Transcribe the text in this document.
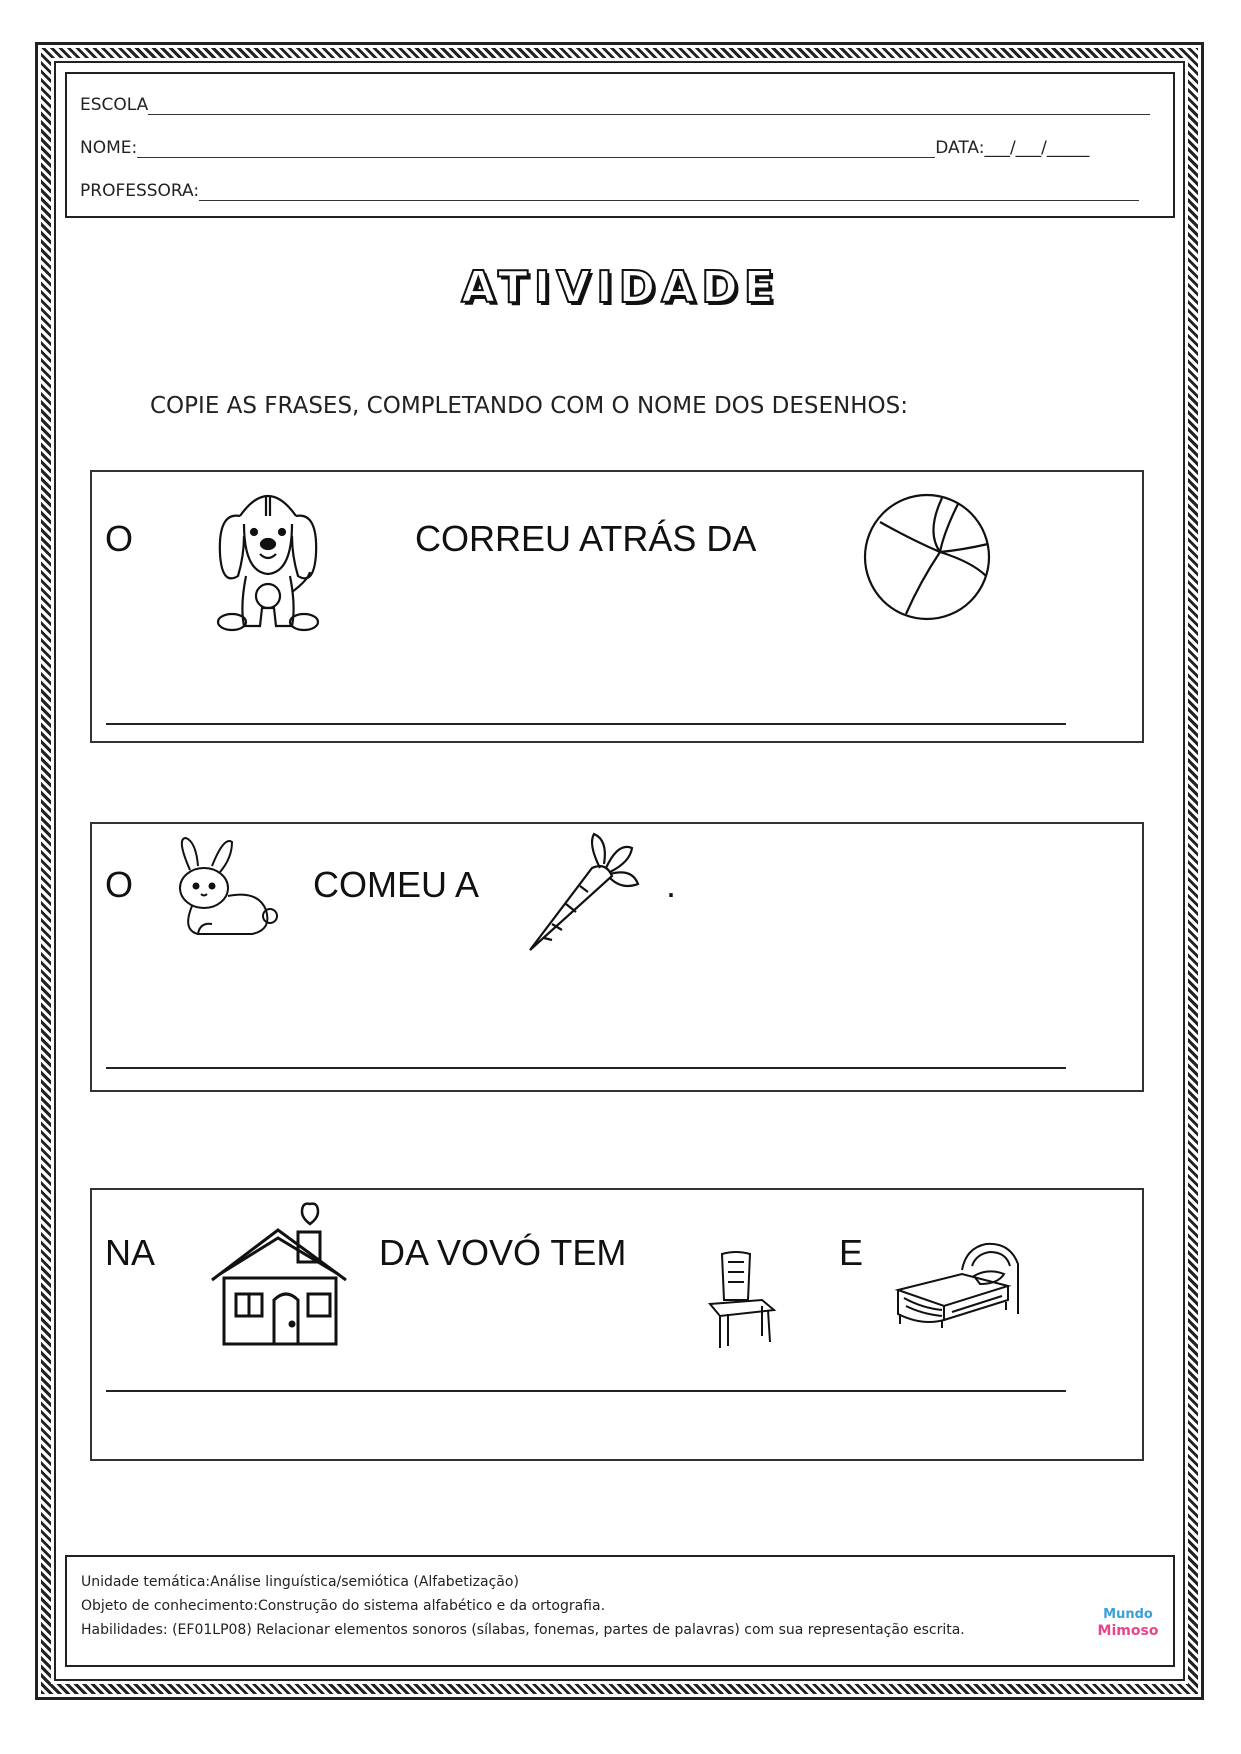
ESCOLA
NOME:	DATA:___/___/_____
PROFESSORA:
ATIVIDADE
COPIE AS FRASES, COMPLETANDO COM O NOME DOS DESENHOS:
O	CORREU ATRÁS DA
O	COMEU A	.
NA	DA VOVÓ TEM	E
Unidade temática:Análise linguística/semiótica (Alfabetização)
Objeto de conhecimento:Construção do sistema alfabético e da ortografia.
Habilidades: (EF01LP08) Relacionar elementos sonoros (sílabas, fonemas, partes de palavras) com sua representação escrita.
Mundo
Mimoso
